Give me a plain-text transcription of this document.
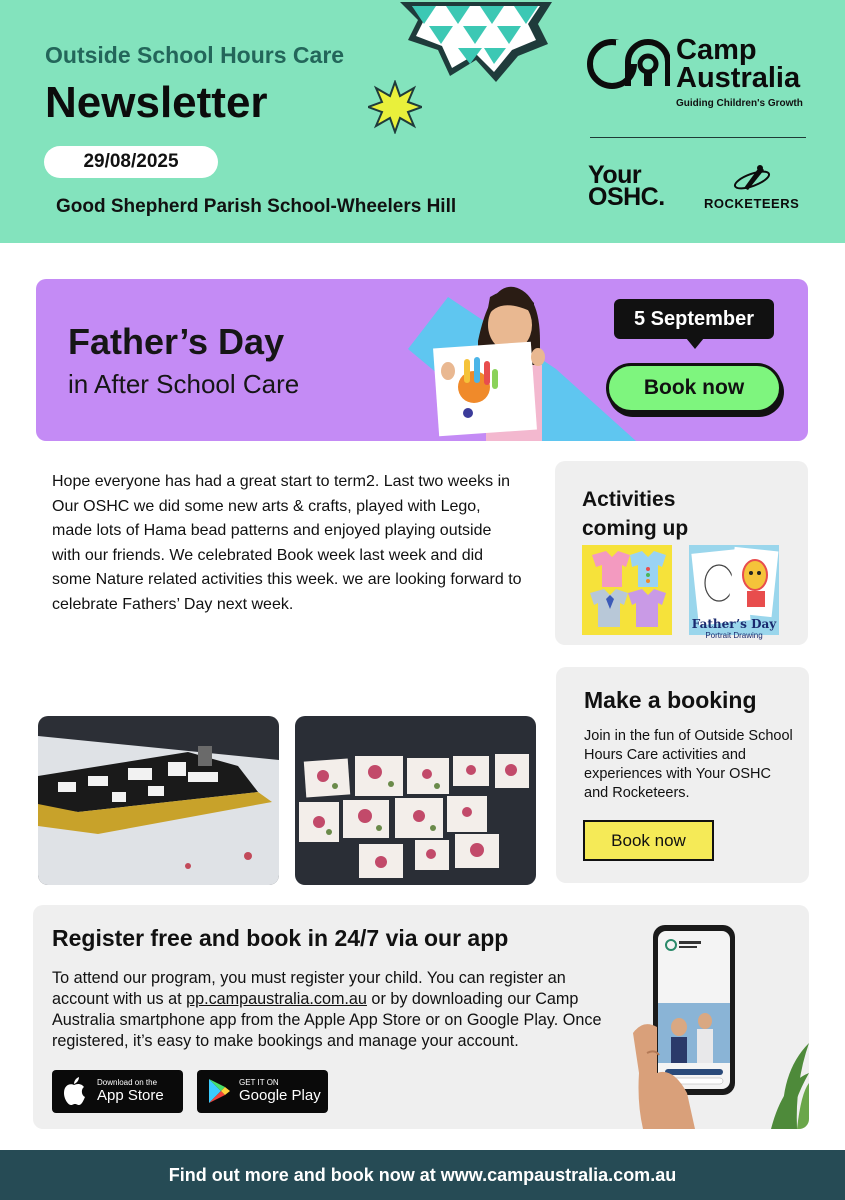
Outside School Hours Care
Newsletter
29/08/2025
Good Shepherd Parish School-Wheelers Hill
Camp
Australia
Guiding Children's Growth
Your
OSHC.	ROCKETEERS
Father’s Day
in After School Care
5 September
Book now
Hope everyone has had a great start to term2. Last two weeks in Our OSHC we did some new arts & crafts, played with Lego, made lots of Hama bead patterns and enjoyed playing outside with our friends. We celebrated Book week last week and did some Nature related activities this week. we are looking forward to celebrate Fathers’ Day next week.
Activities coming up
Father’s Day
Portrait Drawing
Make a booking
Join in the fun of Outside School Hours Care activities and experiences with Your OSHC and Rocketeers.
Book now
Register free and book in 24/7 via our app
To attend our program, you must register your child. You can register an account with us at pp.campaustralia.com.au or by downloading our Camp Australia smartphone app from the Apple App Store or on Google Play. Once registered, it’s easy to make bookings and manage your account.
Download on the
App Store
GET IT ON
Google Play
Find out more and book now at www.campaustralia.com.au
